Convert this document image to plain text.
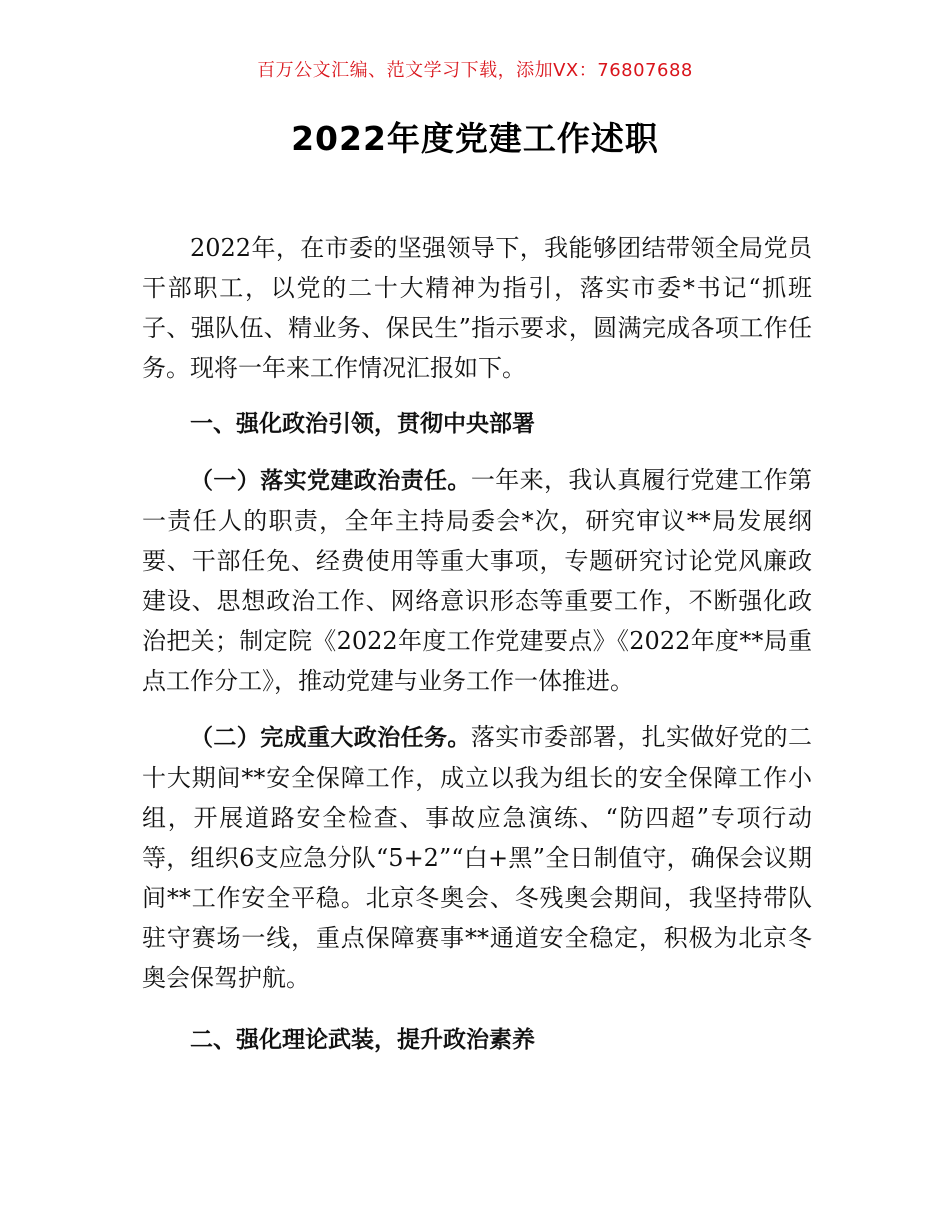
百万公文汇编、范文学习下载，添加VX：76807688
2022年度党建工作述职

2022年，在市委的坚强领导下，我能够团结带领全局党员干部职工，以党的二十大精神为指引，落实市委*书记“抓班子、强队伍、精业务、保民生”指示要求，圆满完成各项工作任务。现将一年来工作情况汇报如下。

一、强化政治引领，贯彻中央部署

（一）落实党建政治责任。一年来，我认真履行党建工作第一责任人的职责，全年主持局委会*次，研究审议**局发展纲要、干部任免、经费使用等重大事项，专题研究讨论党风廉政建设、思想政治工作、网络意识形态等重要工作，不断强化政治把关；制定院《2022年度工作党建要点》《2022年度**局重点工作分工》，推动党建与业务工作一体推进。

（二）完成重大政治任务。落实市委部署，扎实做好党的二十大期间**安全保障工作，成立以我为组长的安全保障工作小组，开展道路安全检查、事故应急演练、“防四超”专项行动等，组织6支应急分队“5+2”“白+黑”全日制值守，确保会议期间**工作安全平稳。北京冬奥会、冬残奥会期间，我坚持带队驻守赛场一线，重点保障赛事**通道安全稳定，积极为北京冬奥会保驾护航。

二、强化理论武装，提升政治素养
